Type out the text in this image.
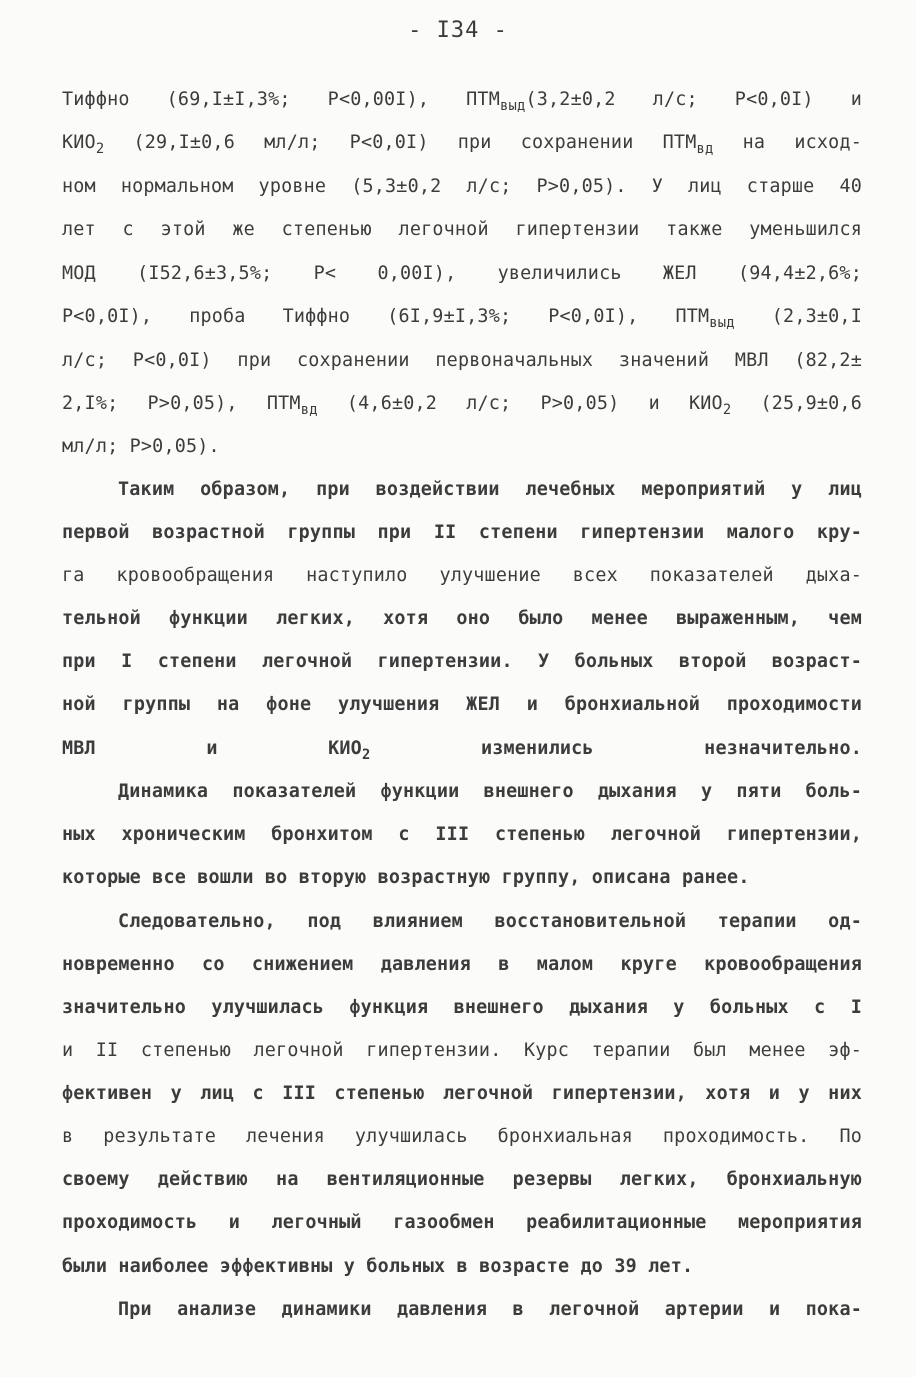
- I34 -
Тиффно (69,I±I,3%; P<0,00I), $ПТМ_{выд}(3,2\pm 0,2$ л/с; P<0,0I) и
$КИО_2$ (29,I±0,6 мл/л; P<0,0I) при сохранении $ПТМ_{вд}$ на исход-
ном нормальном уровне (5,3±0,2 л/с; P>0,05). У лиц старше 40
лет с этой же степенью легочной гипертензии также уменьшился
МОД (I52,6±3,5%; P< 0,00I), увеличились ЖЕЛ (94,4±2,6%;
P<0,0I), проба Тиффно (6I,9±I,3%; P<0,0I), $ПТМ_{выд}$ (2,3±0,I
л/с; P<0,0I) при сохранении первоначальных значений МВЛ (82,2±
2,I%; P>0,05), $ПТМ_{вд}$ (4,6±0,2 л/с; P>0,05) и $КИО_2$ (25,9±0,6
мл/л; P>0,05).
Таким образом, при воздействии лечебных мероприятий у лиц
первой возрастной группы при II степени гипертензии малого кру-
га кровообращения наступило улучшение всех показателей дыха-
тельной функции легких, хотя оно было менее выраженным, чем
при I степени легочной гипертензии. У больных второй возраст-
ной группы на фоне улучшения ЖЕЛ и бронхиальной проходимости
МВЛ и $КИО_2$ изменились незначительно.
Динамика показателей функции внешнего дыхания у пяти боль-
ных хроническим бронхитом с III степенью легочной гипертензии,
которые все вошли во вторую возрастную группу, описана ранее.
Следовательно, под влиянием восстановительной терапии од-
новременно со снижением давления в малом круге кровообращения
значительно улучшилась функция внешнего дыхания у больных с I
и II степенью легочной гипертензии. Курс терапии был менее эф-
фективен у лиц с III степенью легочной гипертензии, хотя и у них
в результате лечения улучшилась бронхиальная проходимость. По
своему действию на вентиляционные резервы легких, бронхиальную
проходимость и легочный газообмен реабилитационные мероприятия
были наиболее эффективны у больных в возрасте до 39 лет.
При анализе динамики давления в легочной артерии и пока-
